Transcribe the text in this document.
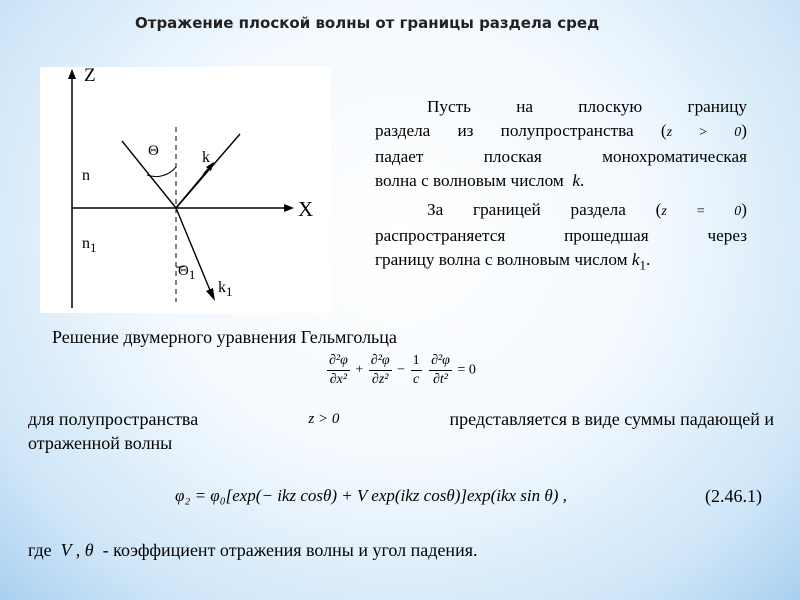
Отражение плоской волны от границы раздела сред
Z
X
n
$n_1$
Θ	k
$\Theta_1$
$k_1$
Пусть на плоскую границу
раздела из полупространства (z > 0)
падает плоская монохроматическая
волна с волновым числом k.
За границей раздела (z = 0)
распространяется прошедшая через
границу волна с волновым числом $k_1$.
Решение двумерного уравнения Гельмгольца
$\frac{\text{∂²φ}}{\text{∂x²}} + \frac{\text{∂²φ}}{\text{∂z²}} - \frac{1}{c}$
$\frac{\text{∂²φ}}{\text{∂t²}} = 0$
для полупространства	z > 0	представляется в виде суммы падающей и
отраженной волны
φ₂ = φ₀[exp(− ikz cosθ) + V exp(ikz cosθ)]exp(ikx sin θ) ,	(2.46.1)
где V , θ - коэффициент отражения волны и угол падения.
